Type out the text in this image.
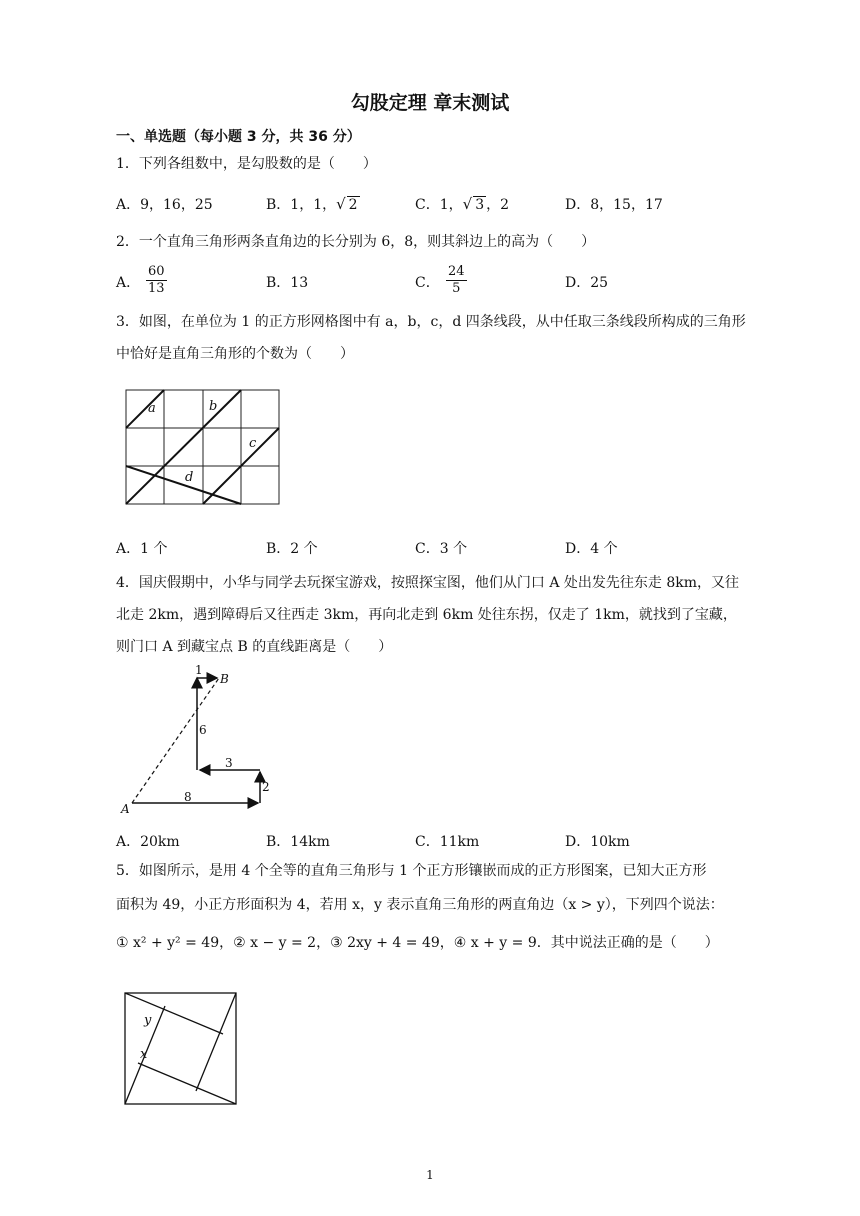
勾股定理 章末测试
一、单选题（每小题 3 分，共 36 分）
1．下列各组数中，是勾股数的是（　　）
A．9，16，25	B．1，1，√ 2	C．1，√ 3 ，2	D．8，15，17
2．一个直角三角形两条直角边的长分别为 6，8，则其斜边上的高为（　　）
A． $\frac{60}{13}$	B．13	C． $\frac{24}{5}$	D．25
3．如图，在单位为 1 的正方形网格图中有 a，b，c，d 四条线段，从中任取三条线段所构成的三角形中恰好是直角三角形的个数为（　　）
a	b
c
d
A．1 个	B．2 个	C．3 个	D．4 个
4．国庆假期中，小华与同学去玩探宝游戏，按照探宝图，他们从门口 A 处出发先往东走 8km，又往北走 2km，遇到障碍后又往西走 3km，再向北走到 6km 处往东拐，仅走了 1km，就找到了宝藏，则门口 A 到藏宝点 B 的直线距离是（　　）
A
B
8
2
3
6
1
A．20km	B．14km	C．11km	D．10km
5．如图所示，是用 4 个全等的直角三角形与 1 个正方形镶嵌而成的正方形图案，已知大正方形
面积为 49，小正方形面积为 4，若用 x，y 表示直角三角形的两直角边（x > y），下列四个说法：
① x² + y² = 49，② x − y = 2，③ 2xy + 4 = 49，④ x + y = 9．其中说法正确的是（　　）
y
x
1
